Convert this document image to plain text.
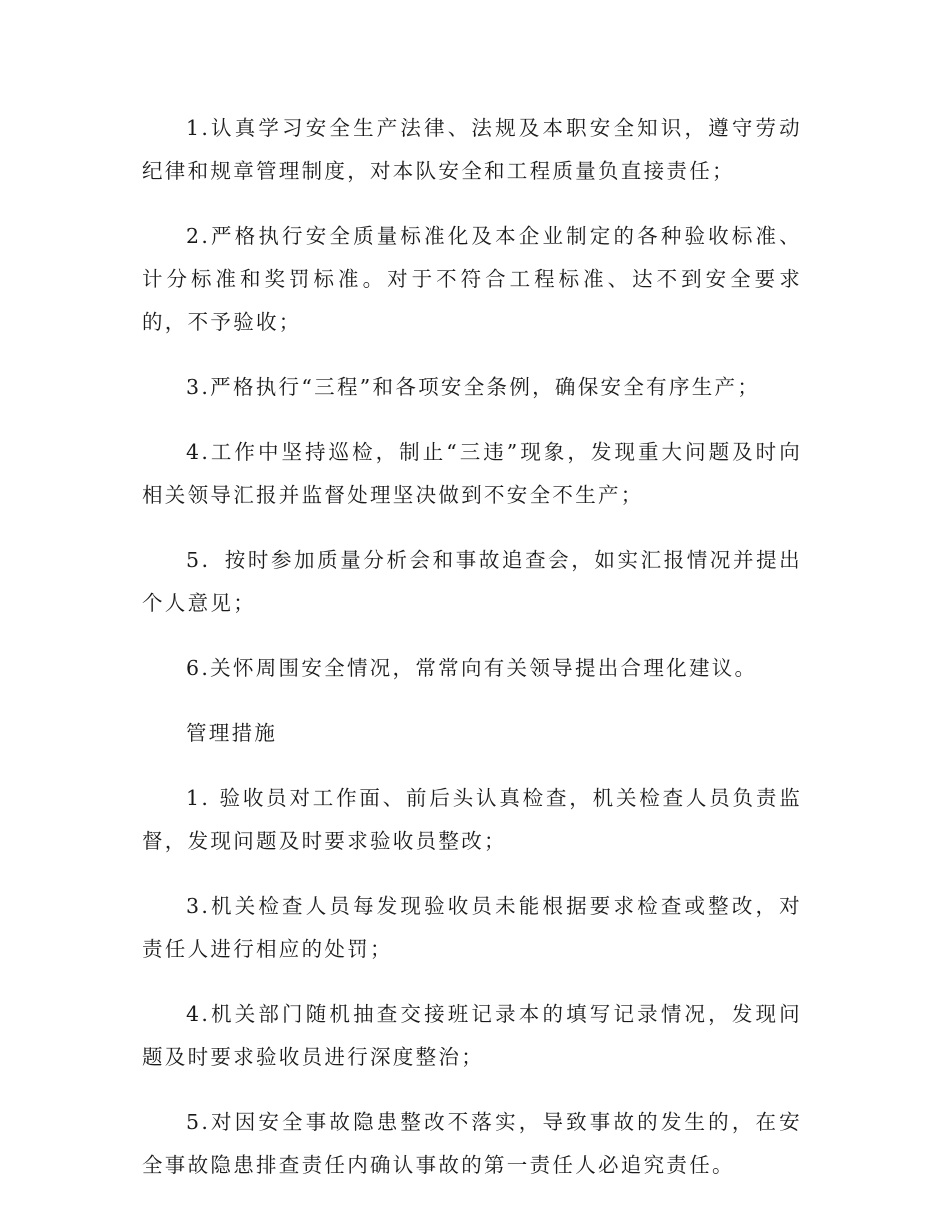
1.认真学习安全生产法律、法规及本职安全知识，遵守劳动纪律和规章管理制度，对本队安全和工程质量负直接责任；

2.严格执行安全质量标准化及本企业制定的各种验收标准、计分标准和奖罚标准。对于不符合工程标准、达不到安全要求的，不予验收；

3.严格执行“三程”和各项安全条例，确保安全有序生产；

4.工作中坚持巡检，制止“三违”现象，发现重大问题及时向相关领导汇报并监督处理坚决做到不安全不生产；

5．按时参加质量分析会和事故追查会，如实汇报情况并提出个人意见；

6.关怀周围安全情况，常常向有关领导提出合理化建议。

管理措施

1. 验收员对工作面、前后头认真检查，机关检查人员负责监督，发现问题及时要求验收员整改；

3.机关检查人员每发现验收员未能根据要求检查或整改，对责任人进行相应的处罚；

4.机关部门随机抽查交接班记录本的填写记录情况，发现问题及时要求验收员进行深度整治；

5.对因安全事故隐患整改不落实，导致事故的发生的，在安全事故隐患排查责任内确认事故的第一责任人必追究责任。
